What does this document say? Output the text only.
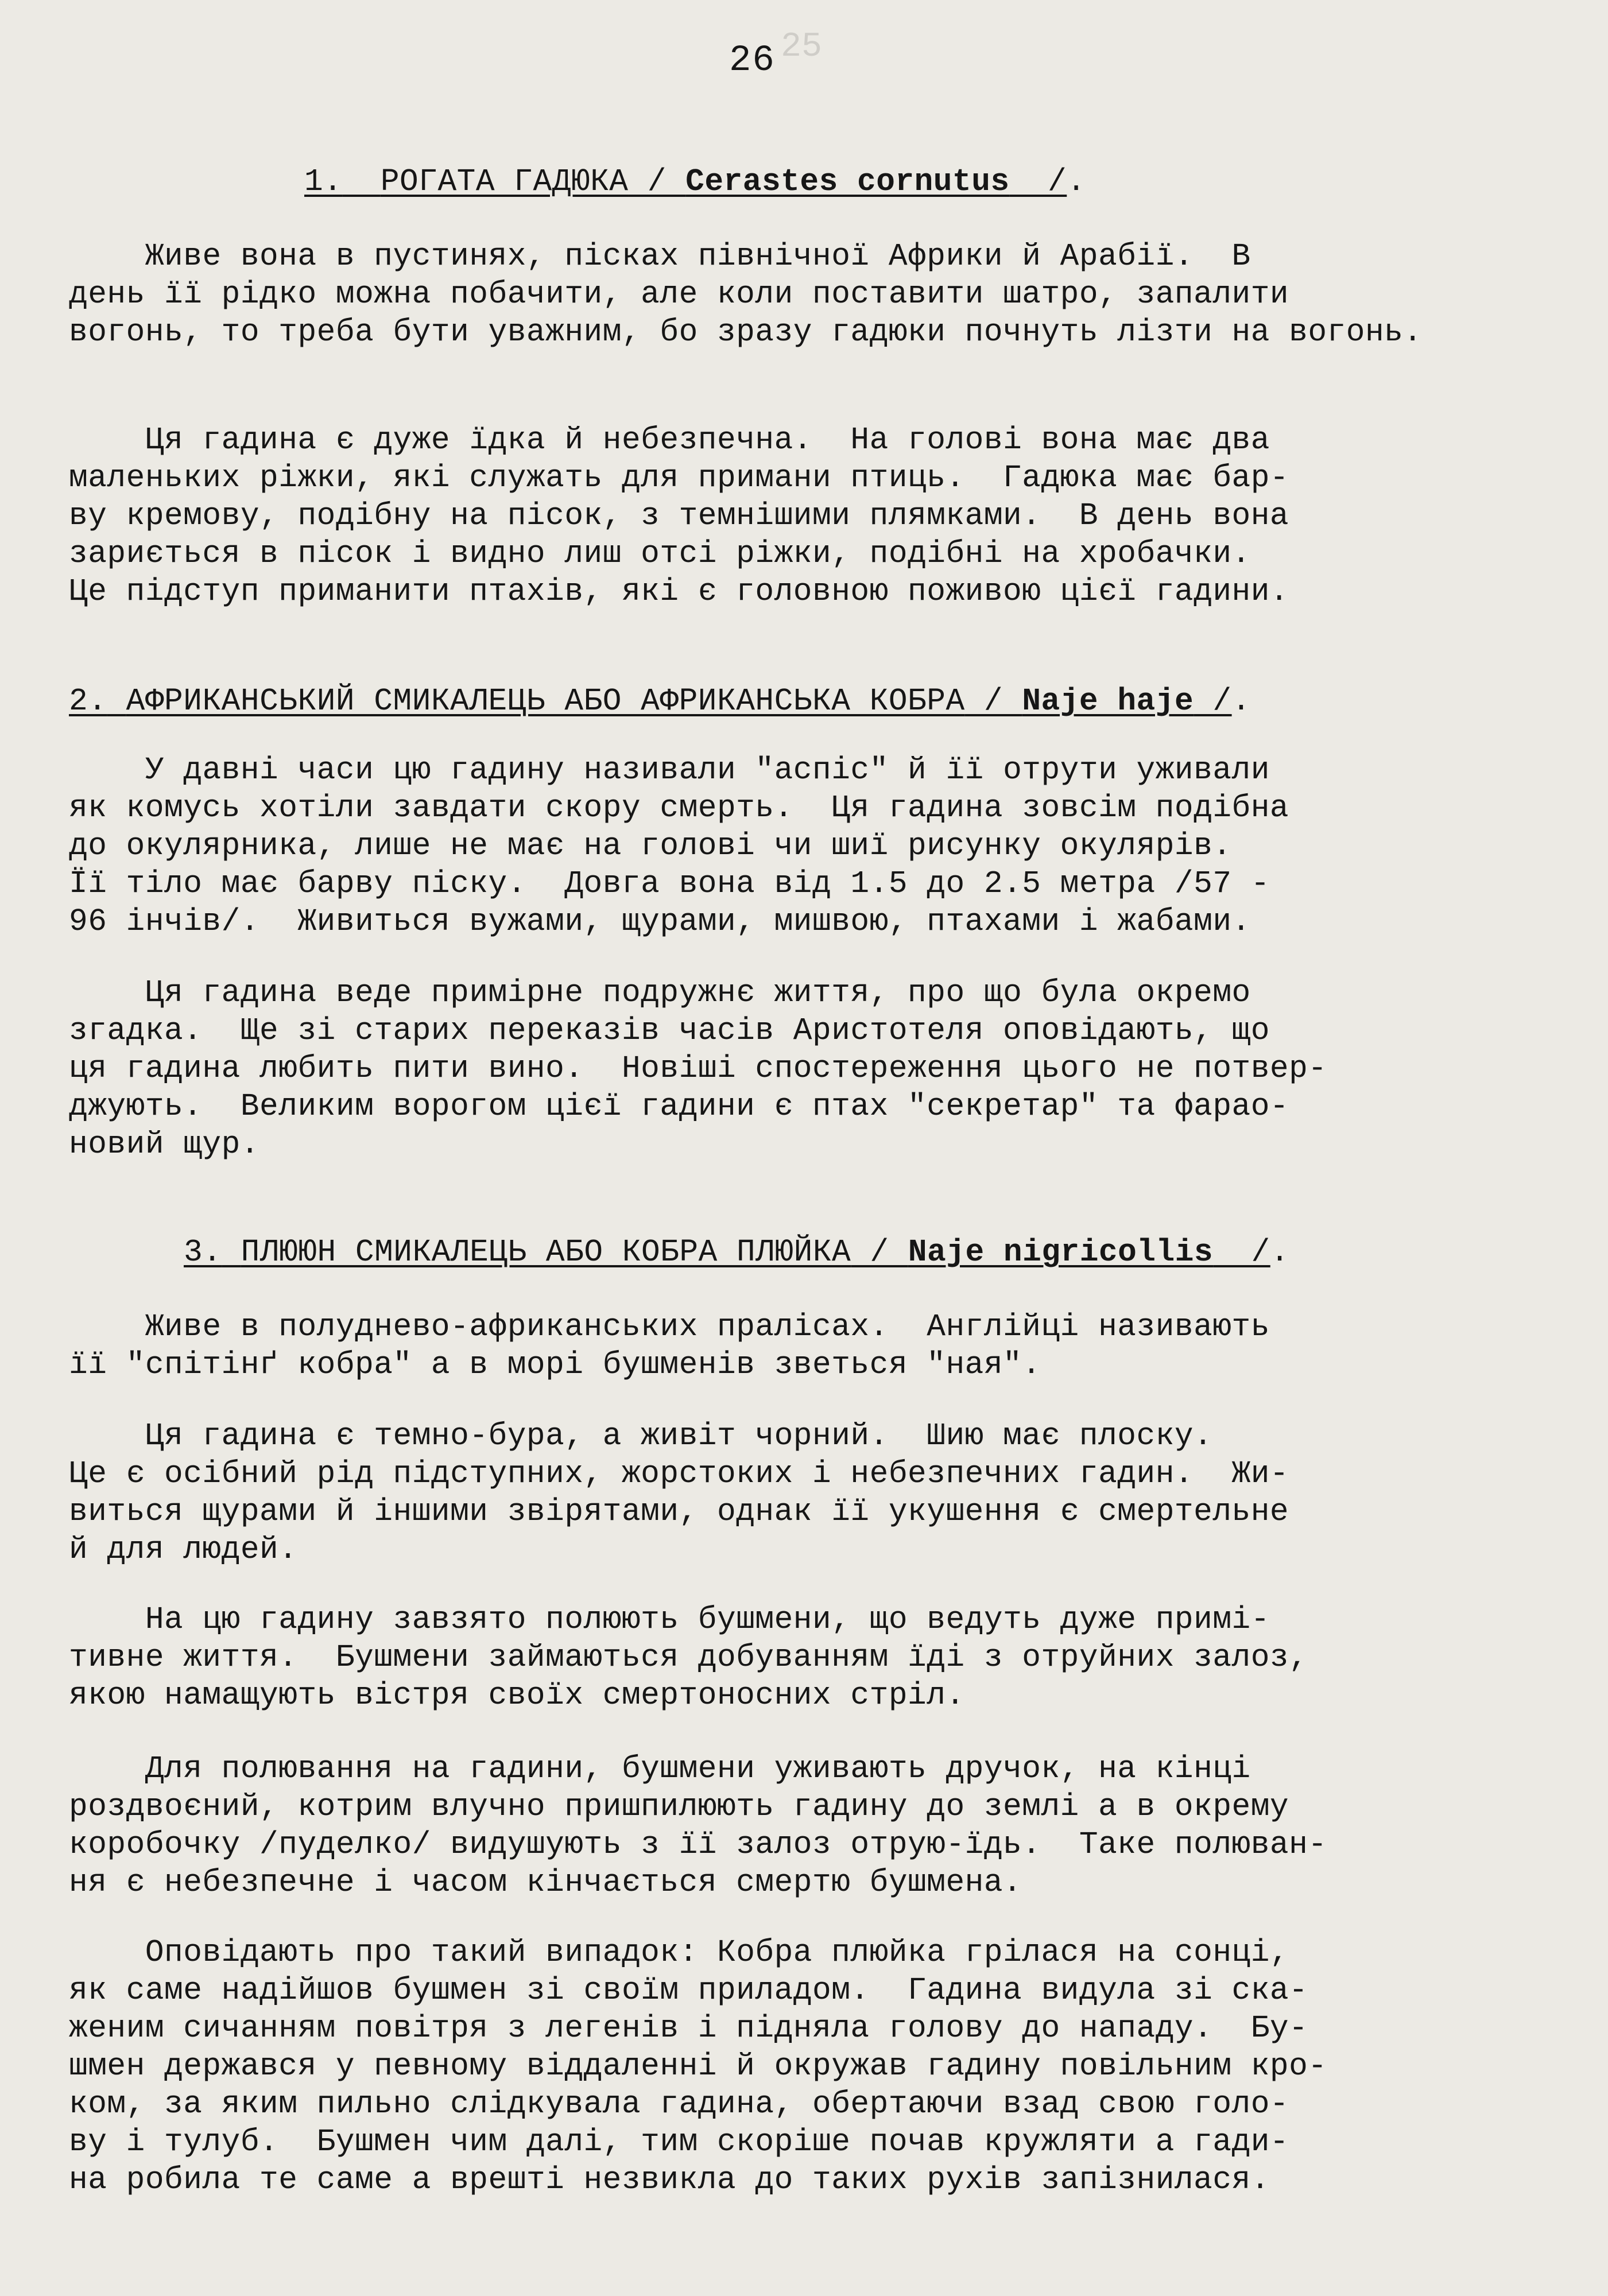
25
26
1. РОГАТА ГАДЮКА / Cerastes cornutus  /.
Живе вона в пустинях, пісках північної Африки й Арабії.  В
день її рідко можна побачити, але коли поставити шатро, запалити
вогонь, то треба бути уважним, бо зразу гадюки почнуть лізти на вогонь.
Ця гадина є дуже їдка й небезпечна.  На голові вона має два
маленьких ріжки, які служать для примани птиць.  Гадюка має бар-
ву кремову, подібну на пісок, з темнішими плямками.  В день вона
зариється в пісок і видно лиш отсі ріжки, подібні на хробачки.
Це підступ приманити птахів, які є головною поживою цієї гадини.
2. АФРИКАНСЬКИЙ СМИКАЛЕЦЬ АБО АФРИКАНСЬКА КОБРА / Naje haje /.
У давні часи цю гадину називали "аспіс" й її отрути уживали
як комусь хотіли завдати скору смерть.  Ця гадина зовсім подібна
до окулярника, лише не має на голові чи шиї рисунку окулярів.
Її тіло має барву піску.  Довга вона від 1.5 до 2.5 метра /57 -
96 інчів/.  Живиться вужами, щурами, мишвою, птахами і жабами.
Ця гадина веде примірне подружнє життя, про що була окремо
згадка.  Ще зі старих переказів часів Аристотеля оповідають, що
ця гадина любить пити вино.  Новіші спостереження цього не потвер-
джують.  Великим ворогом цієї гадини є птах "секретар" та фарао-
новий щур.
3. ПЛЮЮН СМИКАЛЕЦЬ АБО КОБРА ПЛЮЙКА / Naje nigricollis  /.
Живе в полудневo-африканських пралісах.  Англійці називають
її "спітінґ кобра" а в морі бушменів зветься "ная".
Ця гадина є темно-бура, а живіт чорний.  Шию має плоску.
Це є осібний рід підступних, жорстоких і небезпечних гадин.  Жи-
виться щурами й іншими звірятами, однак її укушення є смертельне
й для людей.
На цю гадину завзято полюють бушмени, що ведуть дуже примі-
тивне життя.  Бушмени займаються добуванням їді з отруйних залоз,
якою намащують вістря своїх смертоносних стріл.
Для полювання на гадини, бушмени уживають дручок, на кінці
роздвоєний, котрим влучно пришпилюють гадину до землі а в окрему
коробочку /пуделко/ видушують з її залоз отрую-їдь.  Таке полюван-
ня є небезпечне і часом кінчається смертю бушмена.
Оповідають про такий випадок: Кобра плюйка грілася на сонці,
як саме надійшов бушмен зі своїм приладом.  Гадина видула зі ска-
женим сичанням повітря з легенів і підняла голову до нападу.  Бу-
шмен держався у певному віддаленні й окружав гадину повільним кро-
ком, за яким пильно слідкувала гадина, обертаючи взад свою голо-
ву і тулуб.  Бушмен чим далі, тим скоріше почав кружляти а гади-
на робила те саме а врешті незвикла до таких рухів запізнилася.
